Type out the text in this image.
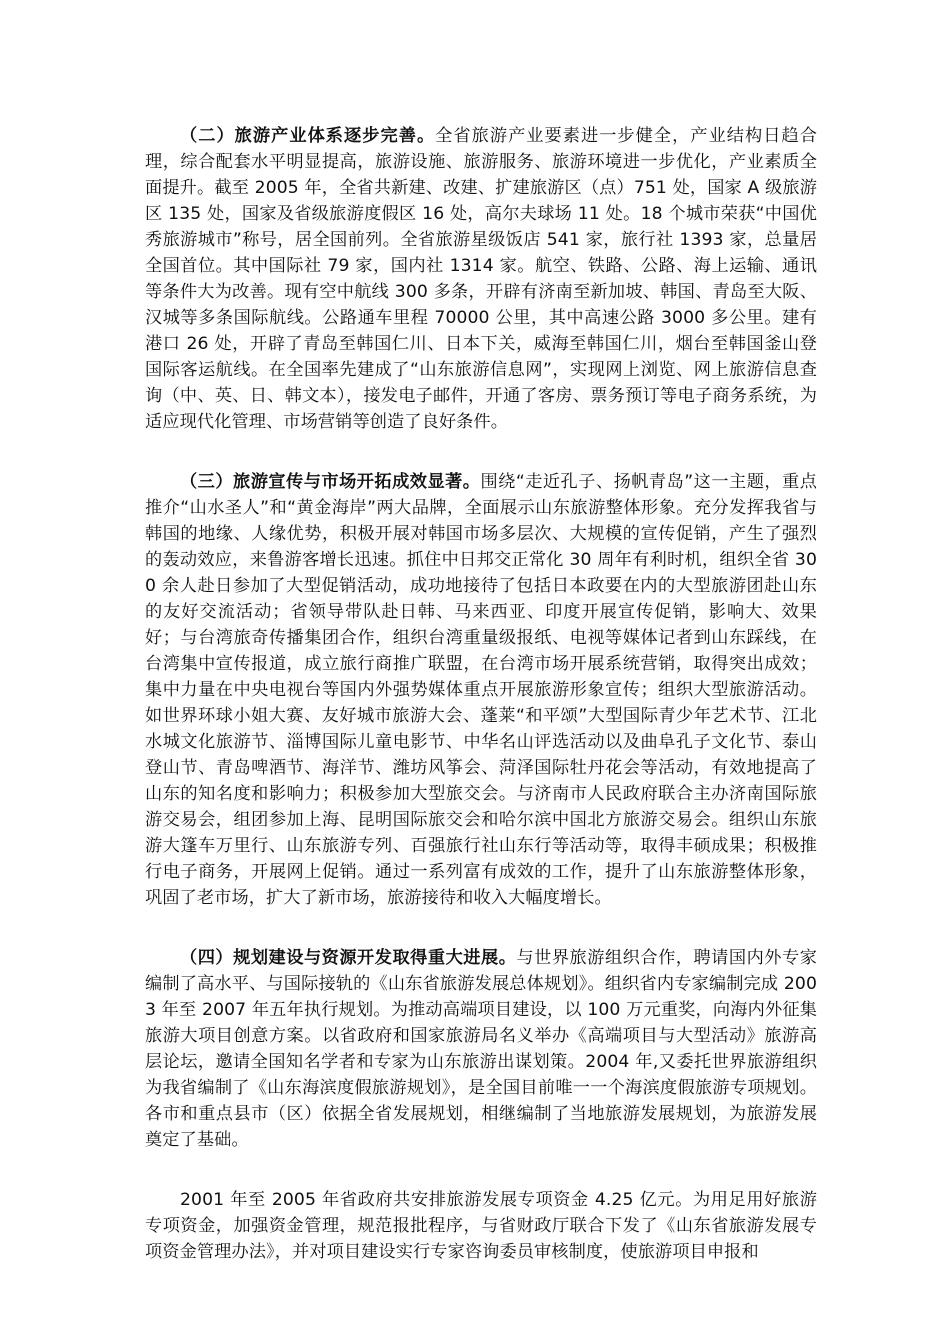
（二）旅游产业体系逐步完善。全省旅游产业要素进一步健全，产业结构日趋合理，综合配套水平明显提高，旅游设施、旅游服务、旅游环境进一步优化，产业素质全面提升。截至 2005 年，全省共新建、改建、扩建旅游区（点）751 处，国家 A 级旅游区 135 处，国家及省级旅游度假区 16 处，高尔夫球场 11 处。18 个城市荣获“中国优秀旅游城市”称号，居全国前列。全省旅游星级饭店 541 家，旅行社 1393 家，总量居全国首位。其中国际社 79 家，国内社 1314 家。航空、铁路、公路、海上运输、通讯等条件大为改善。现有空中航线 300 多条，开辟有济南至新加坡、韩国、青岛至大阪、汉城等多条国际航线。公路通车里程 70000 公里，其中高速公路 3000 多公里。建有港口 26 处，开辟了青岛至韩国仁川、日本下关，威海至韩国仁川，烟台至韩国釜山登国际客运航线。在全国率先建成了“山东旅游信息网”，实现网上浏览、网上旅游信息查询（中、英、日、韩文本），接发电子邮件，开通了客房、票务预订等电子商务系统，为适应现代化管理、市场营销等创造了良好条件。

（三）旅游宣传与市场开拓成效显著。围绕“走近孔子、扬帆青岛”这一主题，重点推介“山水圣人”和“黄金海岸”两大品牌，全面展示山东旅游整体形象。充分发挥我省与韩国的地缘、人缘优势，积极开展对韩国市场多层次、大规模的宣传促销，产生了强烈的轰动效应，来鲁游客增长迅速。抓住中日邦交正常化 30 周年有利时机，组织全省 300 余人赴日参加了大型促销活动，成功地接待了包括日本政要在内的大型旅游团赴山东的友好交流活动；省领导带队赴日韩、马来西亚、印度开展宣传促销，影响大、效果好；与台湾旅奇传播集团合作，组织台湾重量级报纸、电视等媒体记者到山东踩线，在台湾集中宣传报道，成立旅行商推广联盟，在台湾市场开展系统营销，取得突出成效；集中力量在中央电视台等国内外强势媒体重点开展旅游形象宣传；组织大型旅游活动。如世界环球小姐大赛、友好城市旅游大会、蓬莱“和平颂”大型国际青少年艺术节、江北水城文化旅游节、淄博国际儿童电影节、中华名山评选活动以及曲阜孔子文化节、泰山登山节、青岛啤酒节、海洋节、潍坊风筝会、菏泽国际牡丹花会等活动，有效地提高了山东的知名度和影响力；积极参加大型旅交会。与济南市人民政府联合主办济南国际旅游交易会，组团参加上海、昆明国际旅交会和哈尔滨中国北方旅游交易会。组织山东旅游大篷车万里行、山东旅游专列、百强旅行社山东行等活动等，取得丰硕成果；积极推行电子商务，开展网上促销。通过一系列富有成效的工作，提升了山东旅游整体形象，巩固了老市场，扩大了新市场，旅游接待和收入大幅度增长。

（四）规划建设与资源开发取得重大进展。与世界旅游组织合作，聘请国内外专家编制了高水平、与国际接轨的《山东省旅游发展总体规划》。组织省内专家编制完成 2003 年至 2007 年五年执行规划。为推动高端项目建设，以 100 万元重奖，向海内外征集旅游大项目创意方案。以省政府和国家旅游局名义举办《高端项目与大型活动》旅游高层论坛，邀请全国知名学者和专家为山东旅游出谋划策。2004 年,又委托世界旅游组织为我省编制了《山东海滨度假旅游规划》，是全国目前唯一一个海滨度假旅游专项规划。各市和重点县市（区）依据全省发展规划，相继编制了当地旅游发展规划，为旅游发展奠定了基础。

2001 年至 2005 年省政府共安排旅游发展专项资金 4.25 亿元。为用足用好旅游专项资金，加强资金管理，规范报批程序，与省财政厅联合下发了《山东省旅游发展专项资金管理办法》，并对项目建设实行专家咨询委员审核制度，使旅游项目申报和
